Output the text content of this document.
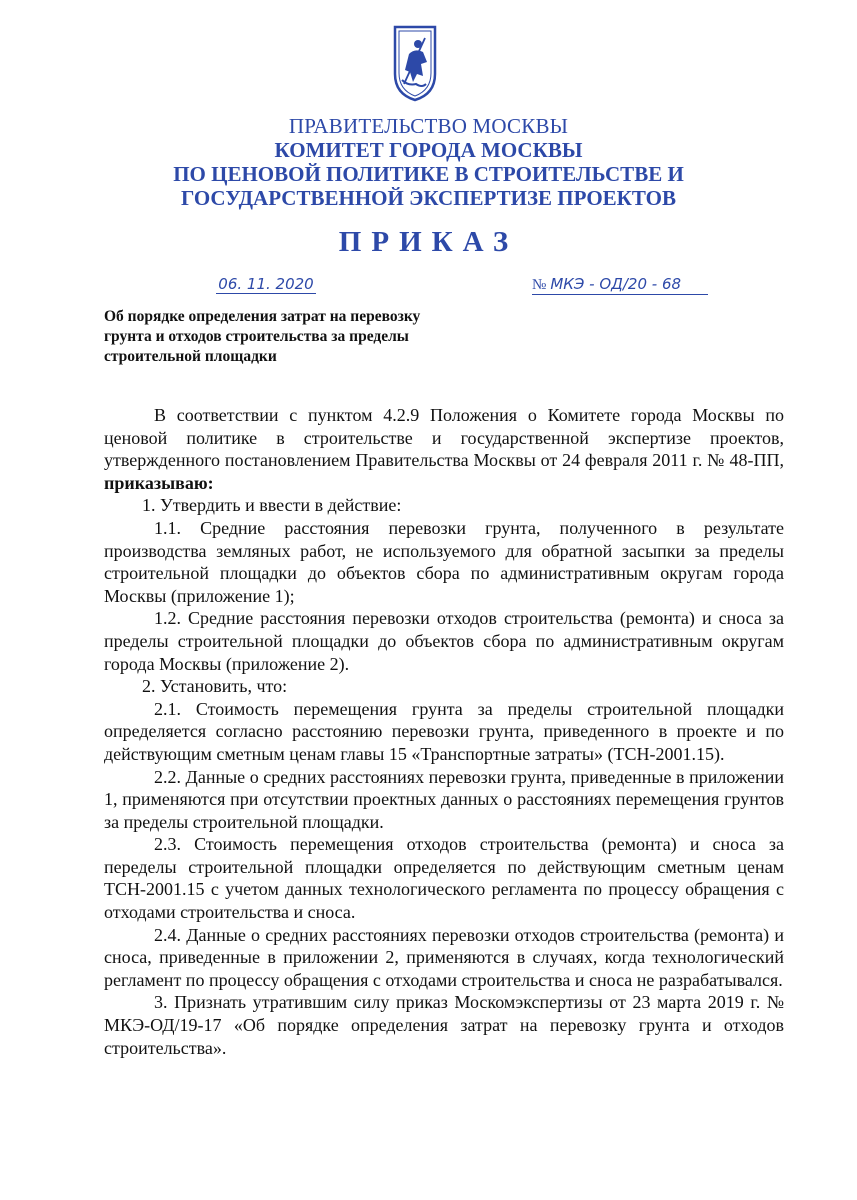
ПРАВИТЕЛЬСТВО МОСКВЫ
КОМИТЕТ ГОРОДА МОСКВЫ
ПО ЦЕНОВОЙ ПОЛИТИКЕ В СТРОИТЕЛЬСТВЕ И
ГОСУДАРСТВЕННОЙ ЭКСПЕРТИЗЕ ПРОЕКТОВ
ПРИКАЗ
06. 11. 2020	№ МКЭ - ОД/20 - 68
Об порядке определения затрат на перевозку грунта и отходов строительства за пределы строительной площадки

В соответствии с пунктом 4.2.9 Положения о Комитете города Москвы по ценовой политике в строительстве и государственной экспертизе проектов, утвержденного постановлением Правительства Москвы от 24 февраля 2011 г. № 48-ПП, приказываю:

1. Утвердить и ввести в действие:

1.1. Средние расстояния перевозки грунта, полученного в результате производства земляных работ, не используемого для обратной засыпки за пределы строительной площадки до объектов сбора по административным округам города Москвы (приложение 1);

1.2. Средние расстояния перевозки отходов строительства (ремонта) и сноса за пределы строительной площадки до объектов сбора по административным округам города Москвы (приложение 2).

2. Установить, что:

2.1. Стоимость перемещения грунта за пределы строительной площадки определяется согласно расстоянию перевозки грунта, приведенного в проекте и по действующим сметным ценам главы 15 «Транспортные затраты» (ТСН-2001.15).

2.2. Данные о средних расстояниях перевозки грунта, приведенные в приложении 1, применяются при отсутствии проектных данных о расстояниях перемещения грунтов за пределы строительной площадки.

2.3. Стоимость перемещения отходов строительства (ремонта) и сноса за переделы строительной площадки определяется по действующим сметным ценам ТСН-2001.15 с учетом данных технологического регламента по процессу обращения с отходами строительства и сноса.

2.4. Данные о средних расстояниях перевозки отходов строительства (ремонта) и сноса, приведенные в приложении 2, применяются в случаях, когда технологический регламент по процессу обращения с отходами строительства и сноса не разрабатывался.

3. Признать утратившим силу приказ Москомэкспертизы от 23 марта 2019 г. № МКЭ-ОД/19-17 «Об порядке определения затрат на перевозку грунта и отходов строительства».
